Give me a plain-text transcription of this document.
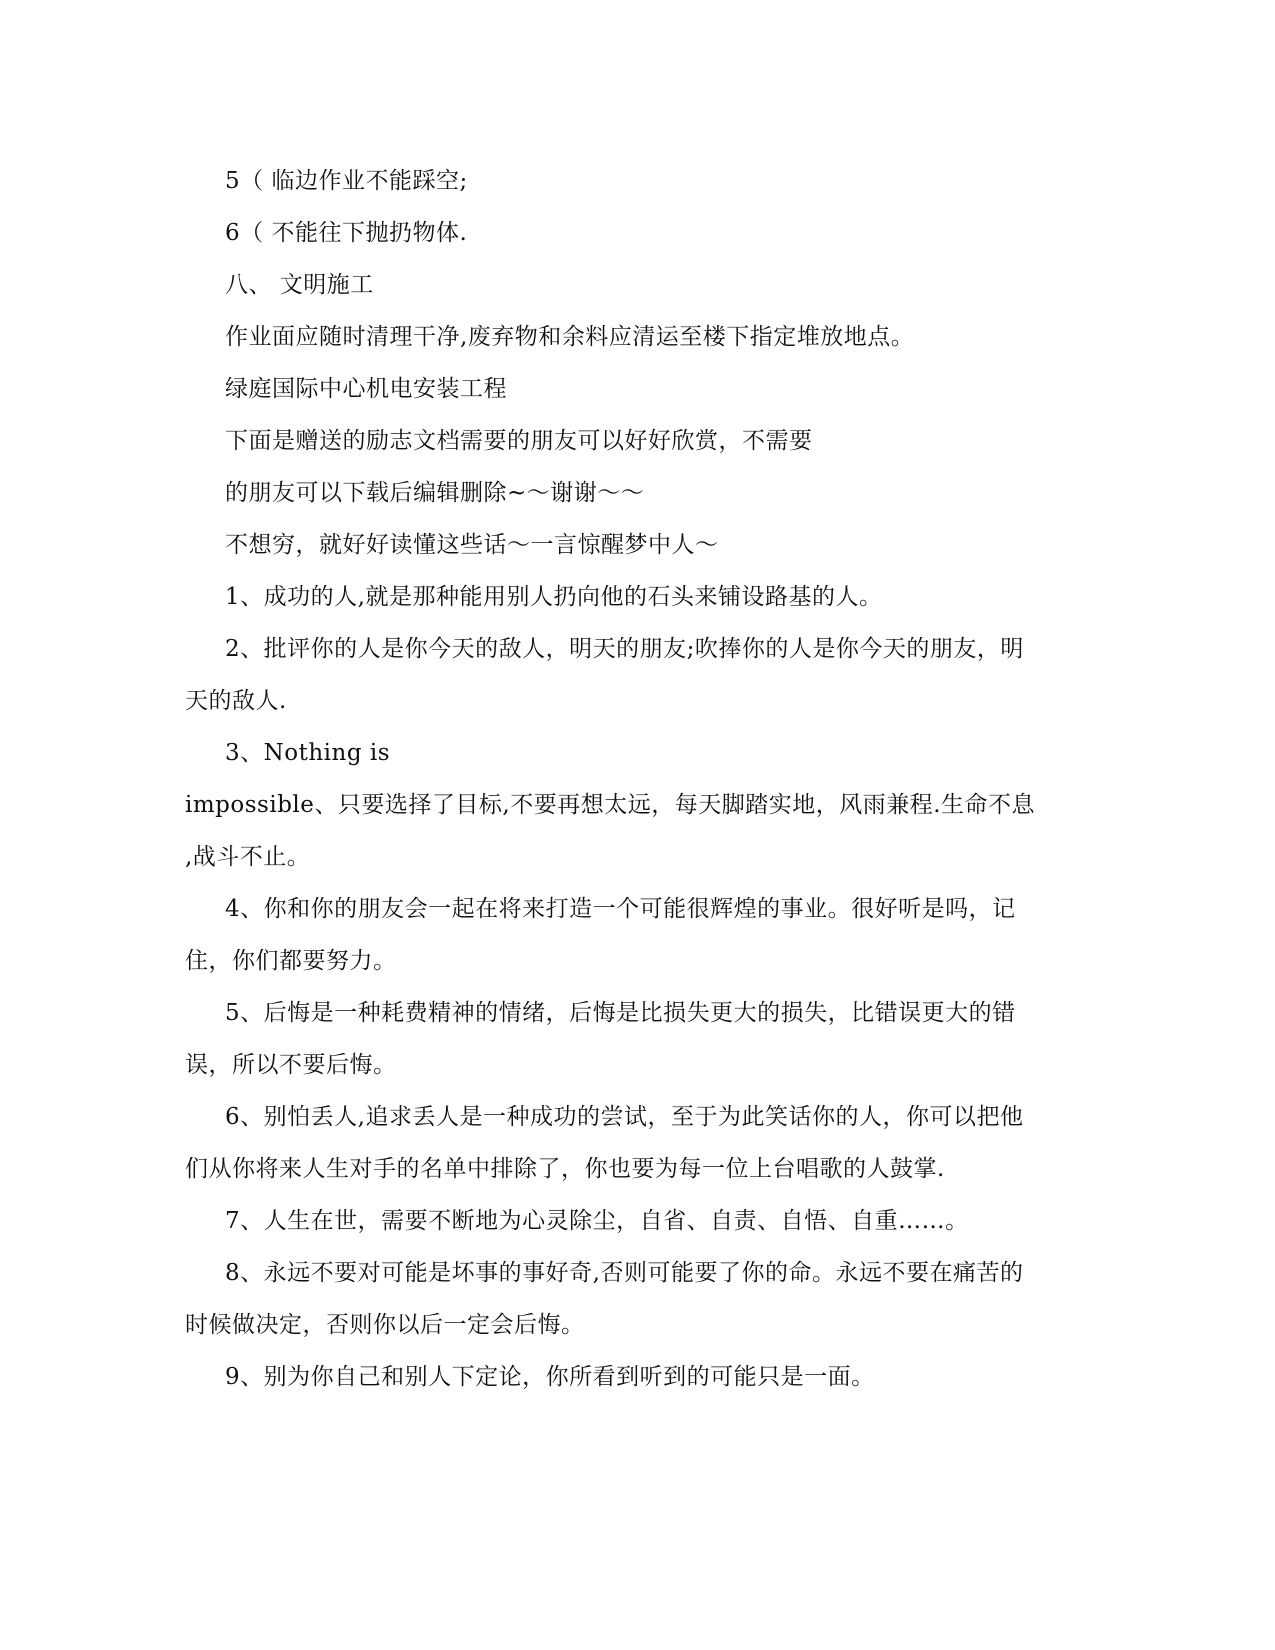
5（ 临边作业不能踩空;
6（ 不能往下抛扔物体.
八、 文明施工
作业面应随时清理干净,废弃物和余料应清运至楼下指定堆放地点。
绿庭国际中心机电安装工程
下面是赠送的励志文档需要的朋友可以好好欣赏，不需要
的朋友可以下载后编辑删除~～谢谢～～
不想穷，就好好读懂这些话～一言惊醒梦中人～
1、成功的人,就是那种能用别人扔向他的石头来铺设路基的人。
2、批评你的人是你今天的敌人，明天的朋友;吹捧你的人是你今天的朋友，明
天的敌人.
3、Nothing is
impossible、只要选择了目标,不要再想太远，每天脚踏实地，风雨兼程.生命不息
,战斗不止。
4、你和你的朋友会一起在将来打造一个可能很辉煌的事业。很好听是吗，记
住，你们都要努力。
5、后悔是一种耗费精神的情绪，后悔是比损失更大的损失，比错误更大的错
误，所以不要后悔。
6、别怕丢人,追求丢人是一种成功的尝试，至于为此笑话你的人，你可以把他
们从你将来人生对手的名单中排除了，你也要为每一位上台唱歌的人鼓掌.
7、人生在世，需要不断地为心灵除尘，自省、自责、自悟、自重……。
8、永远不要对可能是坏事的事好奇,否则可能要了你的命。永远不要在痛苦的
时候做决定，否则你以后一定会后悔。
9、别为你自己和别人下定论，你所看到听到的可能只是一面。
